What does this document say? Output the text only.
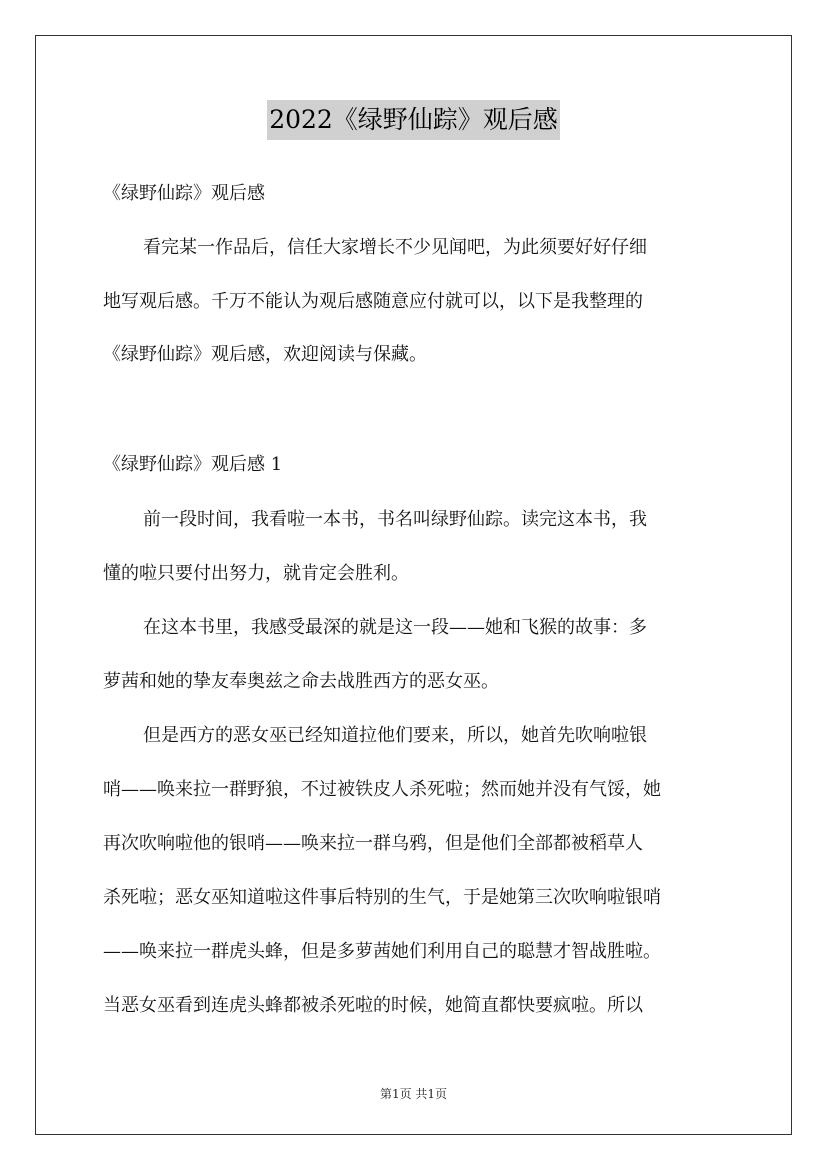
2022《绿野仙踪》观后感
《绿野仙踪》观后感
看完某一作品后，信任大家增长不少见闻吧，为此须要好好仔细
地写观后感。千万不能认为观后感随意应付就可以，以下是我整理的
《绿野仙踪》观后感，欢迎阅读与保藏。
《绿野仙踪》观后感 1
前一段时间，我看啦一本书，书名叫绿野仙踪。读完这本书，我
懂的啦只要付出努力，就肯定会胜利。
在这本书里，我感受最深的就是这一段——她和飞猴的故事：多
萝茜和她的挚友奉奥兹之命去战胜西方的恶女巫。
但是西方的恶女巫已经知道拉他们要来，所以，她首先吹响啦银
哨——唤来拉一群野狼，不过被铁皮人杀死啦；然而她并没有气馁，她
再次吹响啦他的银哨——唤来拉一群乌鸦，但是他们全部都被稻草人
杀死啦；恶女巫知道啦这件事后特别的生气，于是她第三次吹响啦银哨
——唤来拉一群虎头蜂，但是多萝茜她们利用自己的聪慧才智战胜啦。
当恶女巫看到连虎头蜂都被杀死啦的时候，她简直都快要疯啦。所以
第1页 共1页
